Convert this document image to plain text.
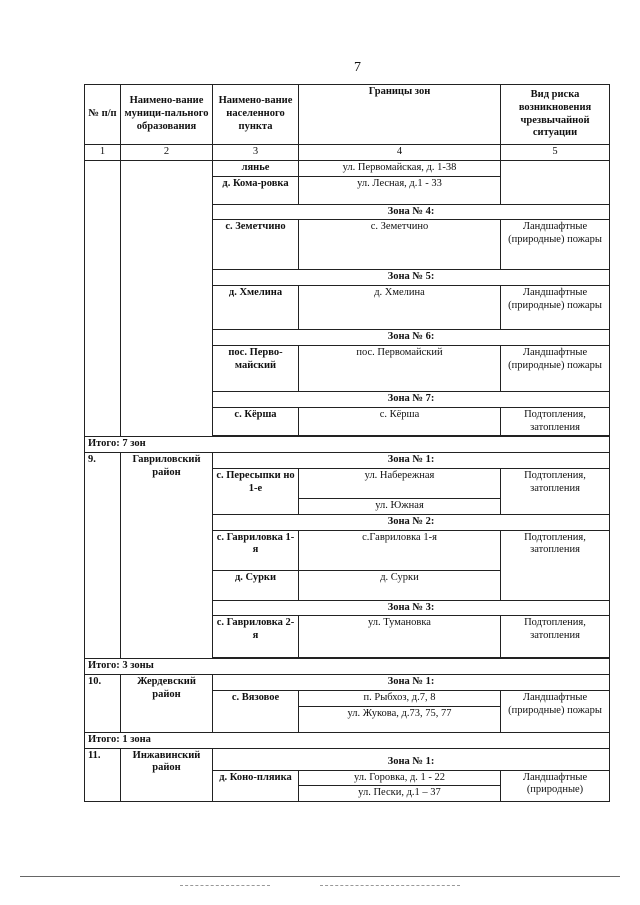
7
№ п/п	Наимено-вание муници-пального образования	Наимено-вание населенного пункта	Границы зон	Вид риска возникновения чрезвычайной ситуации
1	2	3	4	5
		лянье	ул. Первомайская, д. 1-38	
		д. Кома-ровка	ул. Лесная, д.1 - 33	
		Зона № 4:		
		с. Земетчино	с. Земетчино	Ландшафтные (природные) пожары
		Зона № 5:		
		д. Хмелина	д. Хмелина	Ландшафтные (природные) пожары
		Зона № 6:		
		пос. Перво-майский	пос. Первомайский	Ландшафтные (природные) пожары
		Зона № 7:		
		с. Кёрша	с. Кёрша	Подтопления, затопления

Итого: 7 зон				
9.	Гавриловский район	Зона № 1:		
		с. Пересыпки но 1-е	ул. Набережная	Подтопления, затопления
			ул. Южная	
		Зона № 2:		
		с. Гавриловка 1-я	с.Гавриловка 1-я	Подтопления, затопления
		д. Сурки	д. Сурки	
		Зона № 3:		
		с. Гавриловка 2-я	ул. Тумановка	Подтопления, затопления

Итого: 3 зоны				
10.	Жердевский район	Зона № 1:		
		с. Вязовое	п. Рыбхоз, д.7, 8	Ландшафтные (природные) пожары
			ул. Жукова, д.73, 75, 77	
Итого: 1 зона				
11.	Инжавинский район	Зона № 1:		
		д. Коно-пляика	ул. Горовка, д. 1 - 22	Ландшафтные (природные)
			ул. Пески, д.1 – 37	
